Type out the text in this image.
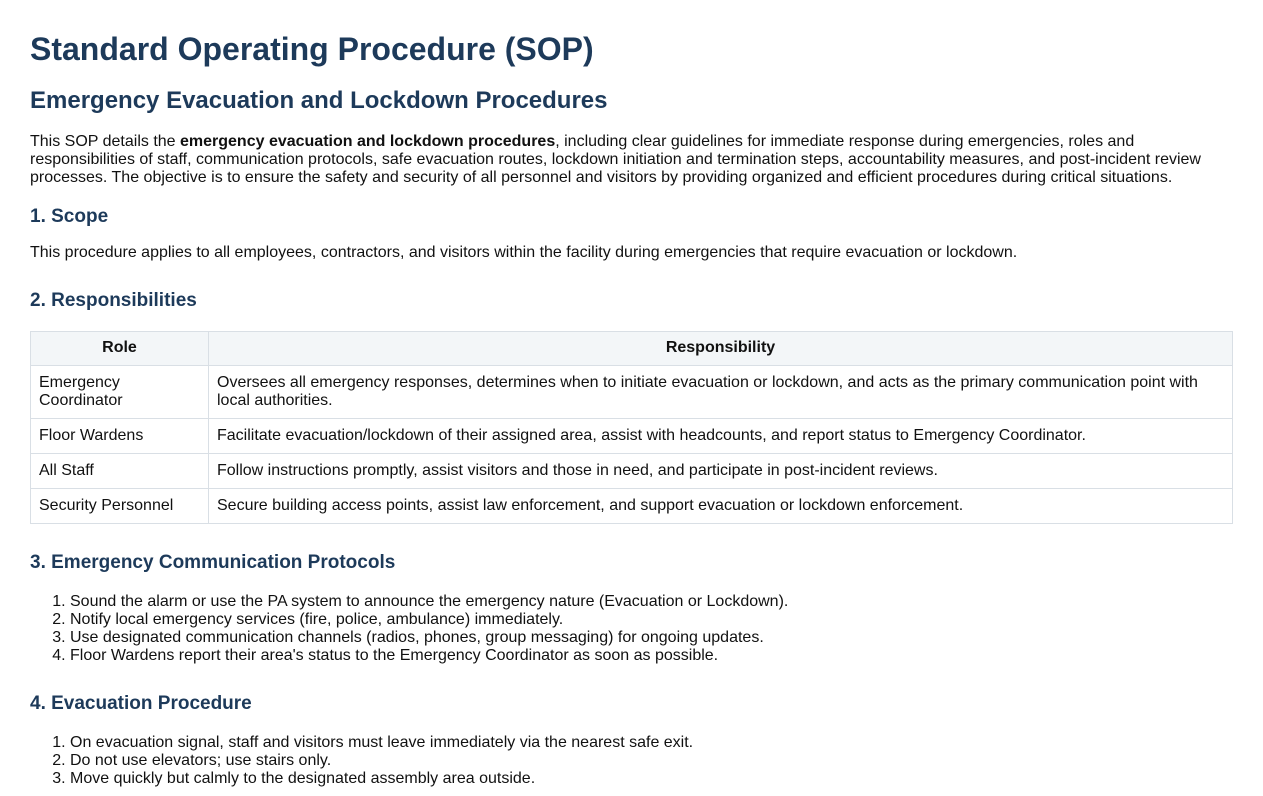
Standard Operating Procedure (SOP)
Emergency Evacuation and Lockdown Procedures

This SOP details the emergency evacuation and lockdown procedures, including clear guidelines for immediate response during emergencies, roles and responsibilities of staff, communication protocols, safe evacuation routes, lockdown initiation and termination steps, accountability measures, and post-incident review processes. The objective is to ensure the safety and security of all personnel and visitors by providing organized and efficient procedures during critical situations.

1. Scope

This procedure applies to all employees, contractors, and visitors within the facility during emergencies that require evacuation or lockdown.

2. Responsibilities
Role	Responsibility
Emergency Coordinator	Oversees all emergency responses, determines when to initiate evacuation or lockdown, and acts as the primary communication point with local authorities.
Floor Wardens	Facilitate evacuation/lockdown of their assigned area, assist with headcounts, and report status to Emergency Coordinator.
All Staff	Follow instructions promptly, assist visitors and those in need, and participate in post-incident reviews.
Security Personnel	Secure building access points, assist law enforcement, and support evacuation or lockdown enforcement.
3. Emergency Communication Protocols
1. Sound the alarm or use the PA system to announce the emergency nature (Evacuation or Lockdown).
2. Notify local emergency services (fire, police, ambulance) immediately.
3. Use designated communication channels (radios, phones, group messaging) for ongoing updates.
4. Floor Wardens report their area's status to the Emergency Coordinator as soon as possible.
4. Evacuation Procedure
1. On evacuation signal, staff and visitors must leave immediately via the nearest safe exit.
2. Do not use elevators; use stairs only.
3. Move quickly but calmly to the designated assembly area outside.
